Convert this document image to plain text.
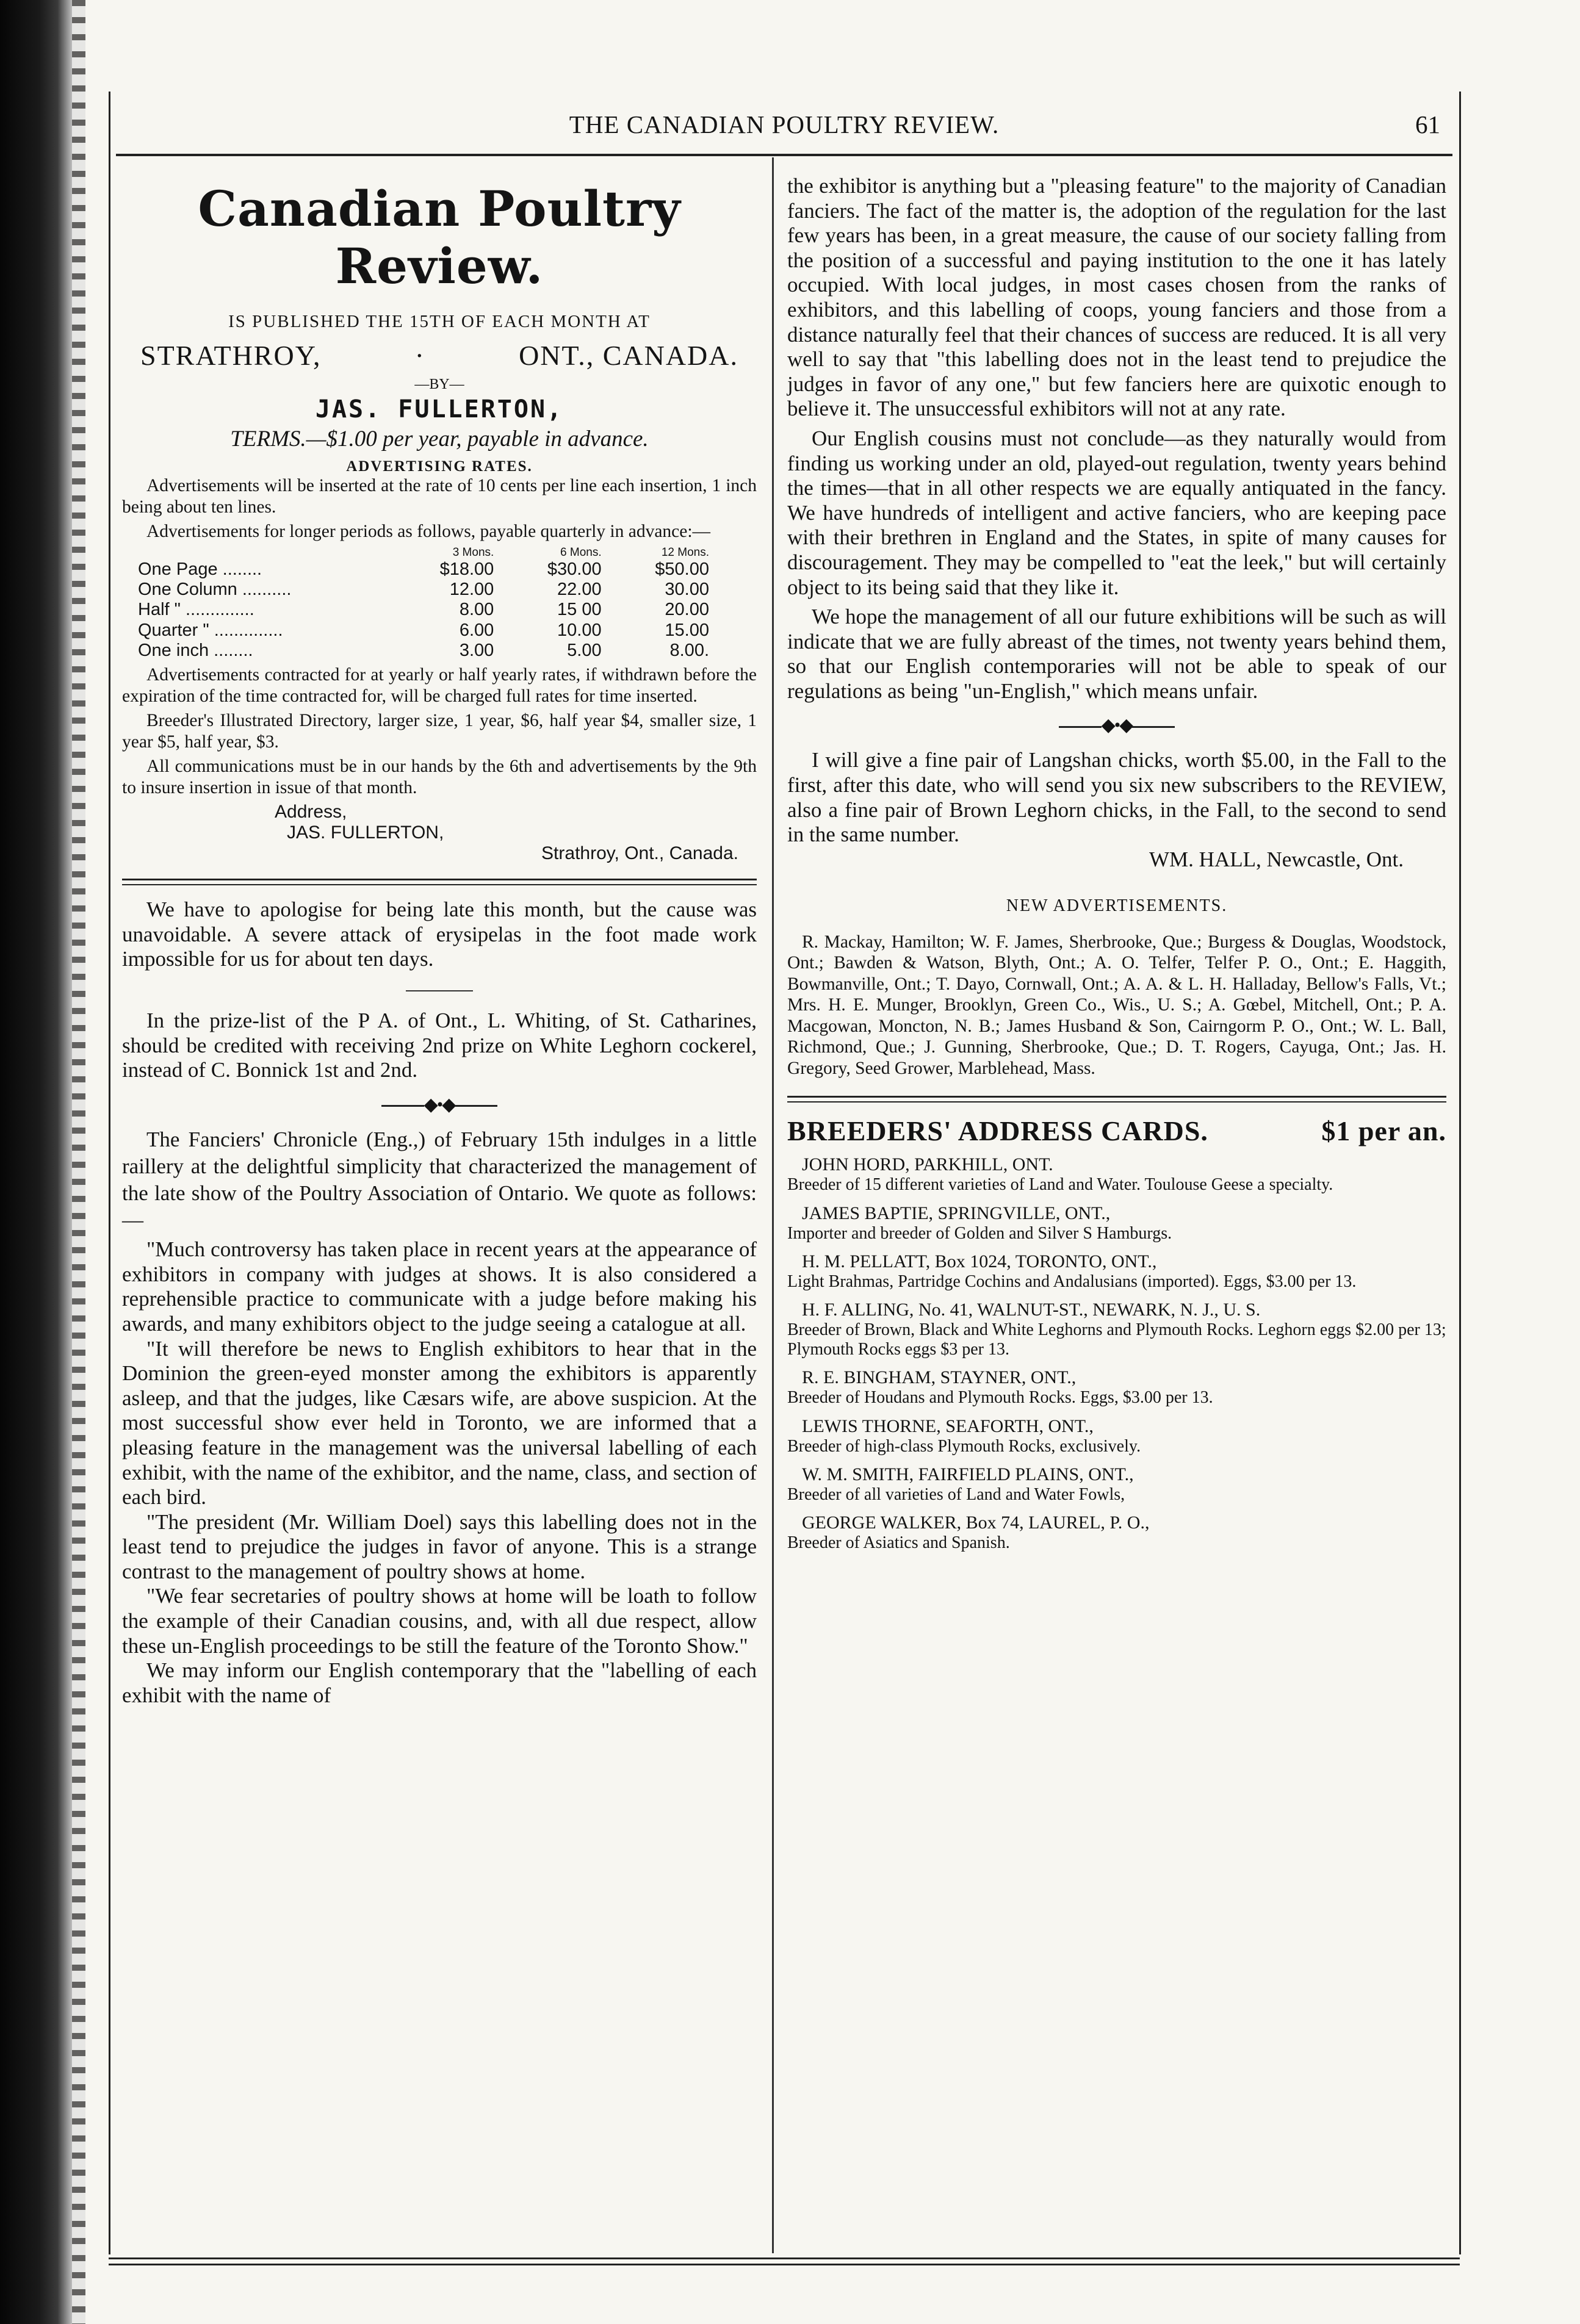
THE CANADIAN POULTRY REVIEW.	61
Canadian Poultry Review.
IS PUBLISHED THE 15TH OF EACH MONTH AT
STRATHROY,	·	ONT., CANADA.
—BY—
JAS. FULLERTON,
TERMS.—$1.00 per year, payable in advance.
ADVERTISING RATES.

Advertisements will be inserted at the rate of 10 cents per line each insertion, 1 inch being about ten lines.

Advertisements for longer periods as follows, payable quarterly in advance:—

	3 Mons.	6 Mons.	12 Mons.
One Page ........	$18.00	$30.00	$50.00
One Column ..........	12.00	22.00	30.00
Half " ..............	8.00	15 00	20.00
Quarter " ..............	6.00	10.00	15.00
One inch ........	3.00	5.00	8.00.

Advertisements contracted for at yearly or half yearly rates, if withdrawn before the expiration of the time contracted for, will be charged full rates for time inserted.

Breeder's Illustrated Directory, larger size, 1 year, $6, half year $4, smaller size, 1 year $5, half year, $3.

All communications must be in our hands by the 6th and advertisements by the 9th to insure insertion in issue of that month.

Address,
JAS. FULLERTON,
Strathroy, Ont., Canada.

We have to apologise for being late this month, but the cause was unavoidable. A severe attack of erysipelas in the foot made work impossible for us for about ten days.

In the prize-list of the P A. of Ont., L. Whiting, of St. Catharines, should be credited with receiving 2nd prize on White Leghorn cockerel, instead of C. Bonnick 1st and 2nd.

◆•◆

The Fanciers' Chronicle (Eng.,) of February 15th indulges in a little raillery at the delightful simplicity that characterized the management of the late show of the Poultry Association of Ontario. We quote as follows:—

"Much controversy has taken place in recent years at the appearance of exhibitors in company with judges at shows. It is also considered a reprehensible practice to communicate with a judge before making his awards, and many exhibitors object to the judge seeing a catalogue at all.

"It will therefore be news to English exhibitors to hear that in the Dominion the green-eyed monster among the exhibitors is apparently asleep, and that the judges, like Cæsars wife, are above suspicion. At the most successful show ever held in Toronto, we are informed that a pleasing feature in the management was the universal labelling of each exhibit, with the name of the exhibitor, and the name, class, and section of each bird.

"The president (Mr. William Doel) says this labelling does not in the least tend to prejudice the judges in favor of anyone. This is a strange contrast to the management of poultry shows at home.

"We fear secretaries of poultry shows at home will be loath to follow the example of their Canadian cousins, and, with all due respect, allow these un-English proceedings to be still the feature of the Toronto Show."

We may inform our English contemporary that the "labelling of each exhibit with the name of

the exhibitor is anything but a "pleasing feature" to the majority of Canadian fanciers. The fact of the matter is, the adoption of the regulation for the last few years has been, in a great measure, the cause of our society falling from the position of a successful and paying institution to the one it has lately occupied. With local judges, in most cases chosen from the ranks of exhibitors, and this labelling of coops, young fanciers and those from a distance naturally feel that their chances of success are reduced. It is all very well to say that "this labelling does not in the least tend to prejudice the judges in favor of any one," but few fanciers here are quixotic enough to believe it. The unsuccessful exhibitors will not at any rate.

Our English cousins must not conclude—as they naturally would from finding us working under an old, played-out regulation, twenty years behind the times—that in all other respects we are equally antiquated in the fancy. We have hundreds of intelligent and active fanciers, who are keeping pace with their brethren in England and the States, in spite of many causes for discouragement. They may be compelled to "eat the leek," but will certainly object to its being said that they like it.

We hope the management of all our future exhibitions will be such as will indicate that we are fully abreast of the times, not twenty years behind them, so that our English contemporaries will not be able to speak of our regulations as being "un-English," which means unfair.

◆•◆

I will give a fine pair of Langshan chicks, worth $5.00, in the Fall to the first, after this date, who will send you six new subscribers to the REVIEW, also a fine pair of Brown Leghorn chicks, in the Fall, to the second to send in the same number.

WM. HALL, Newcastle, Ont.
NEW ADVERTISEMENTS.

R. Mackay, Hamilton; W. F. James, Sherbrooke, Que.; Burgess & Douglas, Woodstock, Ont.; Bawden & Watson, Blyth, Ont.; A. O. Telfer, Telfer P. O., Ont.; E. Haggith, Bowmanville, Ont.; T. Dayo, Cornwall, Ont.; A. A. & L. H. Halladay, Bellow's Falls, Vt.; Mrs. H. E. Munger, Brooklyn, Green Co., Wis., U. S.; A. Gœbel, Mitchell, Ont.; P. A. Macgowan, Moncton, N. B.; James Husband & Son, Cairngorm P. O., Ont.; W. L. Ball, Richmond, Que.; J. Gunning, Sherbrooke, Que.; D. T. Rogers, Cayuga, Ont.; Jas. H. Gregory, Seed Grower, Marblehead, Mass.

BREEDERS' ADDRESS CARDS.	$1 per an.
JOHN HORD, PARKHILL, ONT.
Breeder of 15 different varieties of Land and Water. Toulouse Geese a specialty.
JAMES BAPTIE, SPRINGVILLE, ONT.,
Importer and breeder of Golden and Silver S Hamburgs.
H. M. PELLATT, Box 1024, TORONTO, ONT.,
Light Brahmas, Partridge Cochins and Andalusians (imported). Eggs, $3.00 per 13.
H. F. ALLING, No. 41, WALNUT-ST., NEWARK, N. J., U. S.
Breeder of Brown, Black and White Leghorns and Plymouth Rocks. Leghorn eggs $2.00 per 13; Plymouth Rocks eggs $3 per 13.
R. E. BINGHAM, STAYNER, ONT.,
Breeder of Houdans and Plymouth Rocks. Eggs, $3.00 per 13.
LEWIS THORNE, SEAFORTH, ONT.,
Breeder of high-class Plymouth Rocks, exclusively.
W. M. SMITH, FAIRFIELD PLAINS, ONT.,
Breeder of all varieties of Land and Water Fowls,
GEORGE WALKER, Box 74, LAUREL, P. O.,
Breeder of Asiatics and Spanish.
